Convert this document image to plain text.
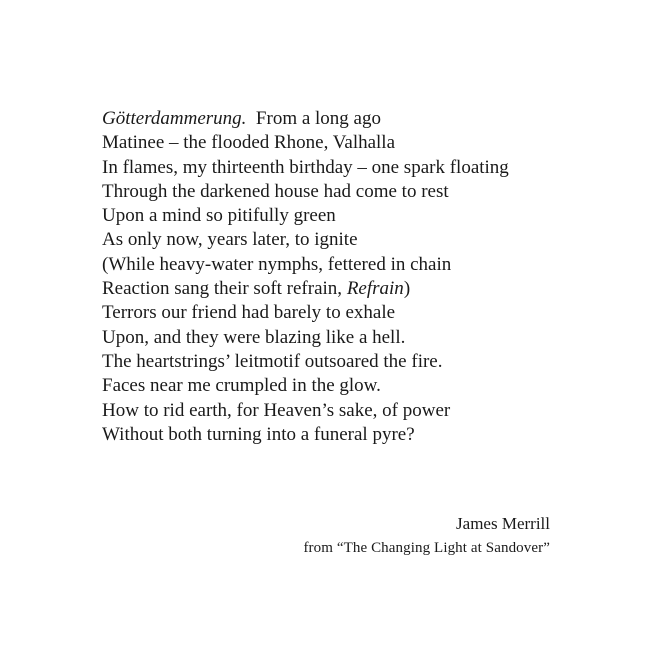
Götterdammerung.  From a long ago
Matinee – the flooded Rhone, Valhalla
In flames, my thirteenth birthday – one spark floating
Through the darkened house had come to rest
Upon a mind so pitifully green
As only now, years later, to ignite
(While heavy-water nymphs, fettered in chain
Reaction sang their soft refrain, Refrain)
Terrors our friend had barely to exhale
Upon, and they were blazing like a hell.
The heartstrings’ leitmotif outsoared the fire.
Faces near me crumpled in the glow.
How to rid earth, for Heaven’s sake, of power
Without both turning into a funeral pyre?
James Merrill
from “The Changing Light at Sandover”
